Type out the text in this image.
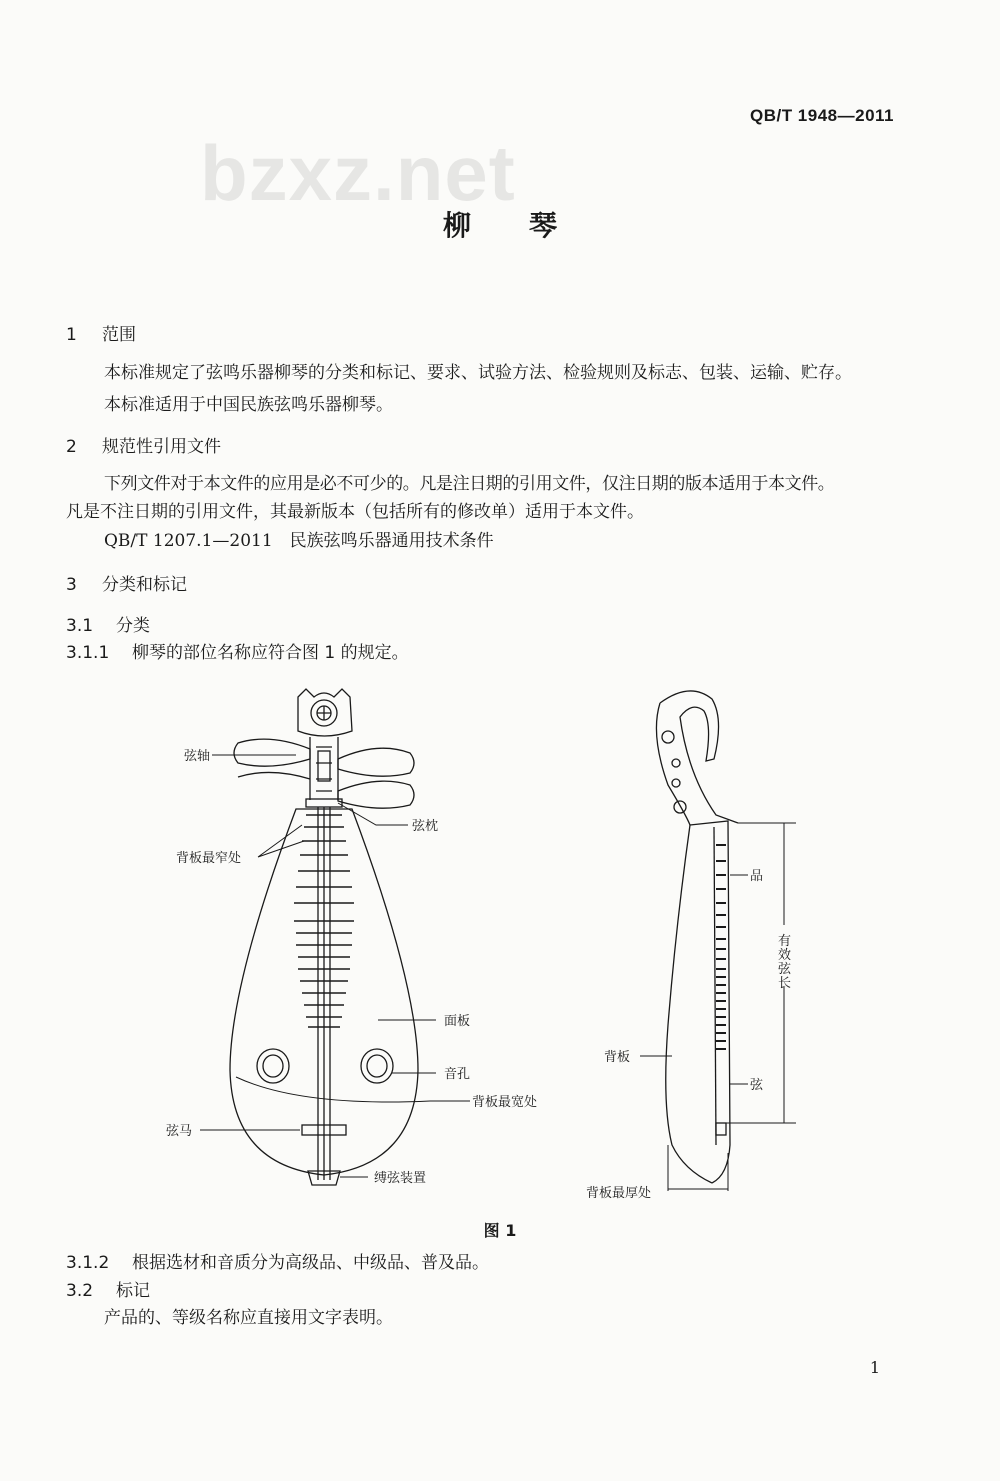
bzxz.net
QB/T 1948—2011
柳 琴
1 范围
本标准规定了弦鸣乐器柳琴的分类和标记、要求、试验方法、检验规则及标志、包装、运输、贮存。
本标准适用于中国民族弦鸣乐器柳琴。
2 规范性引用文件
下列文件对于本文件的应用是必不可少的。凡是注日期的引用文件，仅注日期的版本适用于本文件。
凡是不注日期的引用文件，其最新版本（包括所有的修改单）适用于本文件。
QB/T 1207.1—2011　民族弦鸣乐器通用技术条件
3 分类和标记
3.1 分类
3.1.1 柳琴的部位名称应符合图 1 的规定。
弦轴
弦枕
背板最窄处
面板
音孔
背板最宽处
弦马
缚弦装置
品
有
效
弦
长
背板
弦
背板最厚处
图 1
3.1.2 根据选材和音质分为高级品、中级品、普及品。
3.2 标记
产品的、等级名称应直接用文字表明。
1
